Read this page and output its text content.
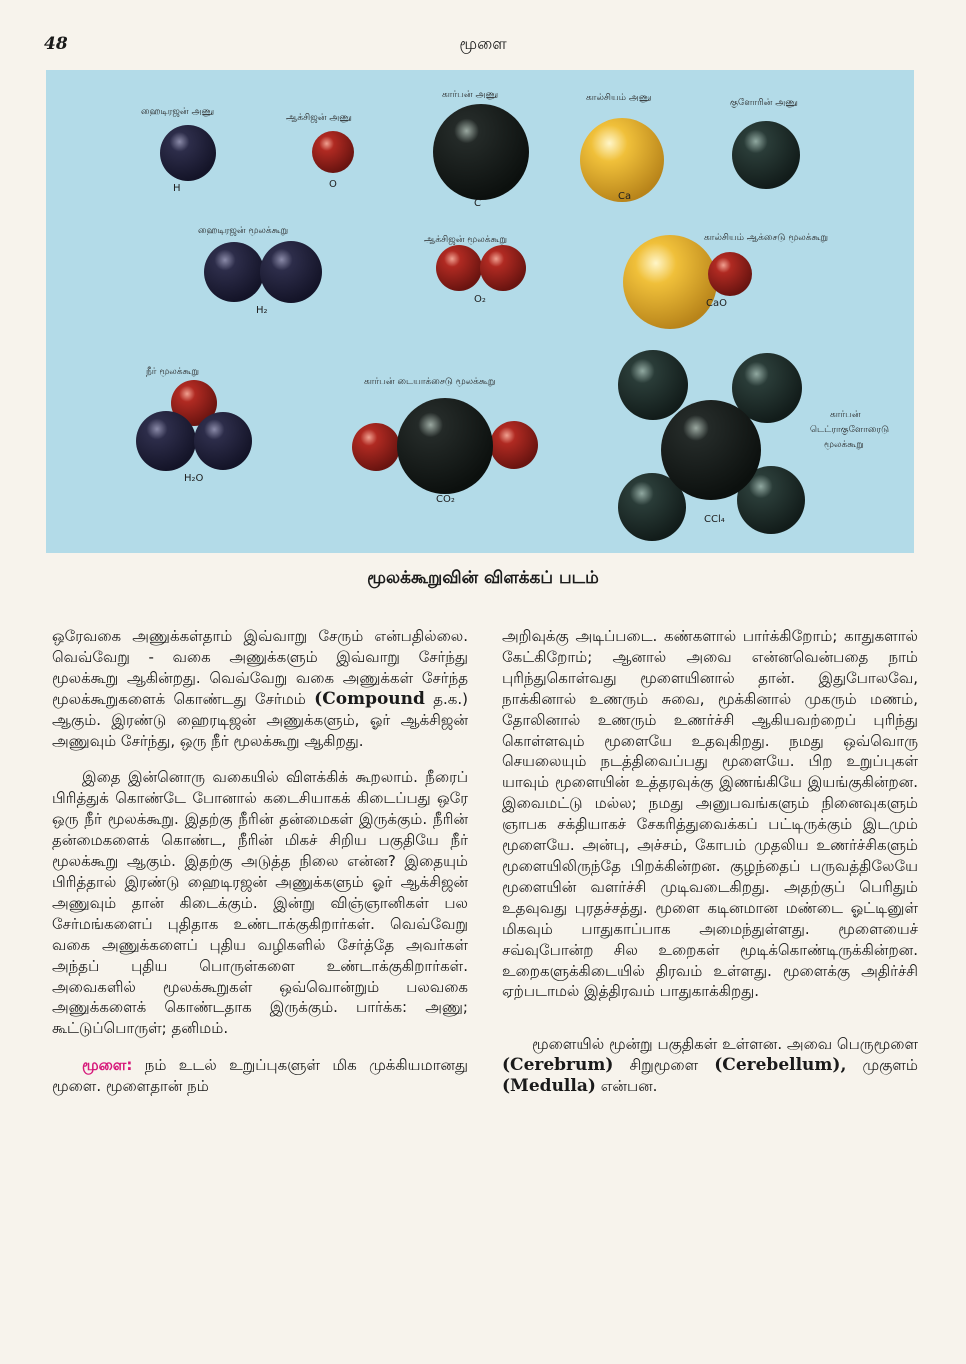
48	மூளை
ஹைடிரஜன் அணு
H
ஆக்சிஜன் அணு
O
கார்பன் அணு
C
கால்சியம் அணு
Ca
குளோரின் அணு
ஹைடிரஜன் மூலக்கூறு
H₂
ஆக்சிஜன் மூலக்கூறு
O₂
கால்சியம் ஆக்சைடு மூலக்கூறு
CaO
நீர் மூலக்கூறு
H₂O
கார்பன் டையாக்சைடு மூலக்கூறு
CO₂
CCl₄
கார்பன்
டெட்ராகுளோரைடு
மூலக்கூறு
மூலக்கூறுவின் விளக்கப் படம்

ஒரேவகை அணுக்கள்தாம் இவ்வாறு சேரும் என்பதில்லை. வெவ்வேறு - வகை அணுக்களும் இவ்வாறு சேர்ந்து மூலக்கூறு ஆகின்றது. வெவ்வேறு வகை அணுக்கள் சேர்ந்த மூலக்கூறுகளைக் கொண்டது சேர்மம் (Compound த.க.) ஆகும். இரண்டு ஹைரடிஜன் அணுக்களும், ஓர் ஆக்சிஜன் அணுவும் சேர்ந்து, ஒரு நீர் மூலக்கூறு ஆகிறது.

இதை இன்னொரு வகையில் விளக்கிக் கூறலாம். நீரைப் பிரித்துக் கொண்டே போனால் கடைசியாகக் கிடைப்பது ஒரே ஒரு நீர் மூலக்கூறு. இதற்கு நீரின் தன்மைகள் இருக்கும். நீரின் தன்மைகளைக் கொண்ட, நீரின் மிகச் சிறிய பகுதியே நீர் மூலக்கூறு ஆகும். இதற்கு அடுத்த நிலை என்ன? இதையும் பிரித்தால் இரண்டு ஹைடிரஜன் அணுக்களும் ஓர் ஆக்சிஜன் அணுவும் தான் கிடைக்கும். இன்று விஞ்ஞானிகள் பல சேர்மங்களைப் புதிதாக உண்டாக்குகிறார்கள். வெவ்வேறு வகை அணுக்களைப் புதிய வழிகளில் சேர்த்தே அவர்கள் அந்தப் புதிய பொருள்களை உண்டாக்குகிறார்கள். அவைகளில் மூலக்கூறுகள் ஒவ்வொன்றும் பலவகை அணுக்களைக் கொண்டதாக இருக்கும். பார்க்க: அணு; கூட்டுப்பொருள்; தனிமம்.

மூளை: நம் உடல் உறுப்புகளுள் மிக முக்கியமானது மூளை. மூளைதான் நம்

அறிவுக்கு அடிப்படை. கண்களால் பார்க்கிறோம்; காதுகளால் கேட்கிறோம்; ஆனால் அவை என்னவென்பதை நாம் புரிந்துகொள்வது மூளையினால் தான். இதுபோலவே, நாக்கினால் உணரும் சுவை, மூக்கினால் முகரும் மணம், தோலினால் உணரும் உணர்ச்சி ஆகியவற்றைப் புரிந்து கொள்ளவும் மூளையே உதவுகிறது. நமது ஒவ்வொரு செயலையும் நடத்திவைப்பது மூளையே. பிற உறுப்புகள் யாவும் மூளையின் உத்தரவுக்கு இணங்கியே இயங்குகின்றன. இவைமட்டு மல்ல; நமது அனுபவங்களும் நினைவுகளும் ஞாபக சக்தியாகச் சேகரித்துவைக்கப் பட்டிருக்கும் இடமும் மூளையே. அன்பு, அச்சம், கோபம் முதலிய உணர்ச்சிகளும் மூளையிலிருந்தே பிறக்கின்றன. குழந்தைப் பருவத்திலேயே மூளையின் வளர்ச்சி முடிவடைகிறது. அதற்குப் பெரிதும் உதவுவது புரதச்சத்து. மூளை கடினமான மண்டை ஓட்டினுள் மிகவும் பாதுகாப்பாக அமைந்துள்ளது. மூளையைச் சவ்வுபோன்ற சில உறைகள் மூடிக்கொண்டிருக்கின்றன. உறைகளுக்கிடையில் திரவம் உள்ளது. மூளைக்கு அதிர்ச்சி ஏற்படாமல் இத்திரவம் பாதுகாக்கிறது.

மூளையில் மூன்று பகுதிகள் உள்ளன. அவை பெருமூளை (Cerebrum) சிறுமூளை (Cerebellum), முகுளம் (Medulla) என்பன.
